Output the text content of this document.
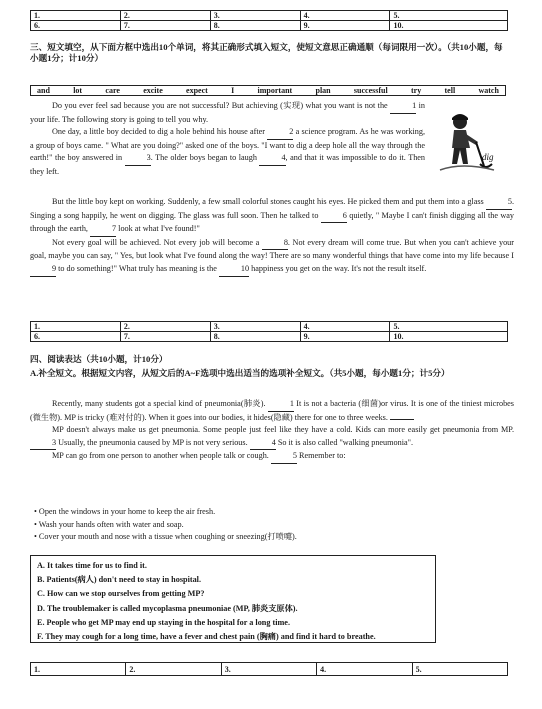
1.	2.	3.	4.	5.
6.	7.	8.	9.	10.
三、短文填空，从下面方框中选出10个单词，将其正确形式填入短文，使短文意思正确通顺（每词限用一次）。（共10小题，每小题1分；计10分）
and	lot	care	excite	expect	I	important	plan	successful	try	tell	watch
dig

Do you ever feel sad because you are not successful? But achieving (实现) what you want is not the	1 in your life. The following story is going to tell you why.

One day, a little boy decided to dig a hole behind his house after	2 a science program. As he was working, a group of boys came. " What are you doing?" asked one of the boys. "I want to dig a deep hole all the way through the earth!" the boy answered in	3. The older boys began to laugh	4, and that it was impossible to do it. Then they left.

But the little boy kept on working. Suddenly, a few small colorful stones caught his eyes. He picked them and put them into a glass	5. Singing a song happily, he went on digging. The glass was full soon. Then he talked to	6 quietly, " Maybe I can't finish digging all the way through the earth,	7 look at what I've found!"

Not every goal will be achieved. Not every job will become a	8. Not every dream will come true. But when you can't achieve your goal, maybe you can say, " Yes, but look what I've found along the way! There are so many wonderful things that have come into my life because I 9 to do something!" What truly has meaning is the	10 happiness you get on the way. It's not the result itself.

1.	2.	3.	4.	5.
6.	7.	8.	9.	10.
四、阅读表达（共10小题，计10分）
A.补全短文。根据短文内容，从短文后的A~F选项中选出适当的选项补全短文。（共5小题，每小题1分；计5分）

Recently, many students got a special kind of pneumonia(肺炎).	1 It is not a bacteria (细菌)or virus. It is one of the tiniest microbes (微生物). MP is tricky (难对付的). When it goes into our bodies, it hides(隐藏) there for one to three weeks.

MP doesn't always make us get pneumonia. Some people just feel like they have a cold. Kids can more easily get pneumonia from MP. 3 Usually, the pneumonia caused by MP is not very serious.	4 So it is also called "walking pneumonia".

MP can go from one person to another when people talk or cough.	5 Remember to:

• Open the windows in your home to keep the air fresh.
• Wash your hands often with water and soap.
• Cover your mouth and nose with a tissue when coughing or sneezing(打喷嚏).
A. It takes time for us to find it.
B. Patients(病人) don't need to stay in hospital.
C. How can we stop ourselves from getting MP?
D. The troublemaker is called mycoplasma pneumoniae (MP, 肺炎支原体).
E. People who get MP may end up staying in the hospital for a long time.
F. They may cough for a long time, have a fever and chest pain (胸痛) and find it hard to breathe.
1.	2.	3.	4.	5.
